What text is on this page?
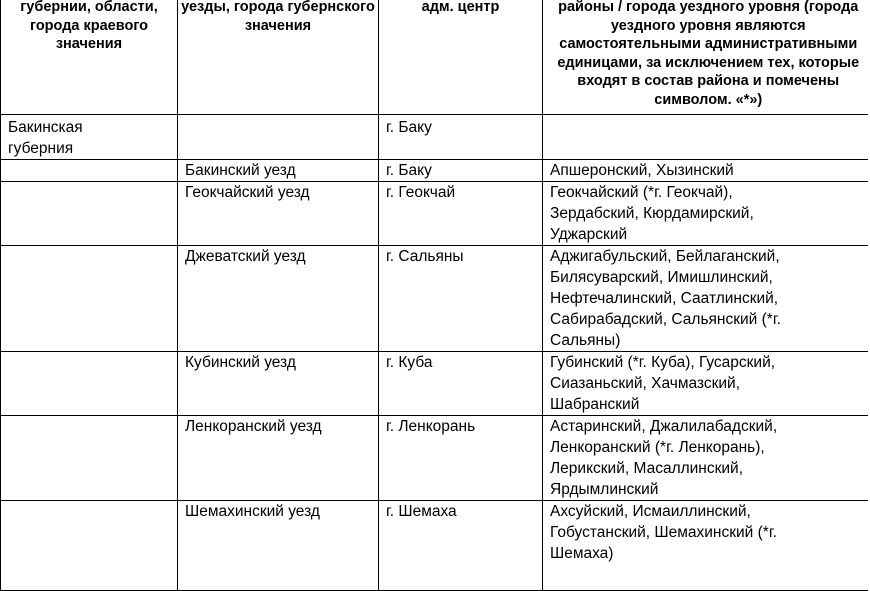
губернии, области, города краевого значения	уезды, города губернского значения	адм. центр	районы / города уездного уровня (города уездного уровня являются самостоятельными административными единицами, за исключением тех, которые входят в состав района и помечены символом. «*»)

Бакинская губерния		г. Баку	
	Бакинский уезд	г. Баку	Апшеронский, Хызинский
	Геокчайский уезд	г. Геокчай	Геокчайский (*г. Геокчай), Зердабский, Кюрдамирский, Уджарский

	Джеватский уезд	г. Сальяны	Аджигабульский, Бейлаганский, Билясуварский, Имишлинский, Нефтечалинский, Саатлинский, Сабирабадский, Сальянский (*г. Сальяны)

	Кубинский уезд	г. Куба	Губинский (*г. Куба), Гусарский, Сиазаньский, Хачмазский, Шабранский

	Ленкоранский уезд	г. Ленкорань	Астаринский, Джалилабадский, Ленкоранский (*г. Ленкорань), Лерикский, Масаллинский, Ярдымлинский

	Шемахинский уезд	г. Шемаха	Ахсуйский, Исмаиллинский, Гобустанский, Шемахинский (*г. Шемаха)
